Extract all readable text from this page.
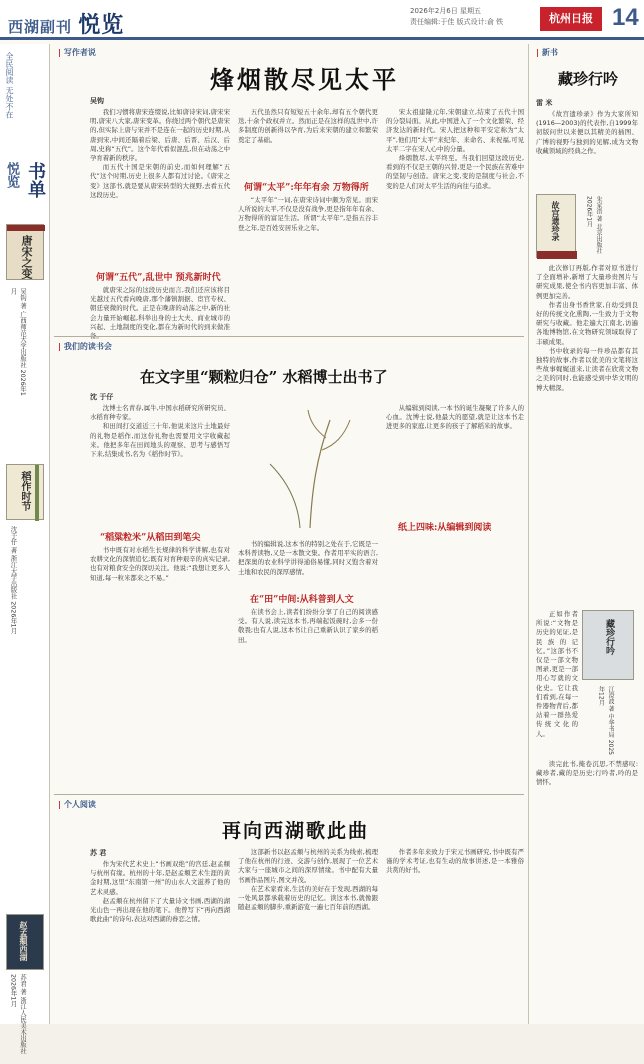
西湖副刊 悦览
2026年2月6日 星期五
责任编辑:于佳 版式设计:俞 铁	杭州日报 14
全民阅读 无处不在
悦览 书单
唐宋之变
吴钩 著 广西师范大学出版社 2026年1月
稻作时节
沈于仔 著 浙江大学出版社 2026年1月
赵孟頫西湖
苏君 著 浙江人民美术出版社 2026年1月
| 写作者说
烽烟散尽见太平
吴钩

我们习惯将唐宋连缀说,比如唐诗宋词,唐宋宋明,唐宋八大家,唐宋变革。你绕过两个朝代是唐宋的,但实际上唐与宋并不是连在一起的历史时期,从唐到宋,中间还隔着后梁、后唐、后晋、后汉、后周,史称“五代”。这个年代看似混乱,但在动荡之中孕育着新的秩序。

而五代十国是宋朝的前史,而如何理解“五代”这个时期,历史上很多人都有过讨论。《唐宋之变》这部书,就是要从唐宋转型的大视野,去看五代这段历史。

何谓“五代”,乱世中 预兆新时代

就唐宋之际的这段历史而言,我们还应该将目光越过五代看向晚唐,那个藩镇割据、宦官专权、朝廷衰微的时代。正是在晚唐的动荡之中,新的社会力量开始崛起,科举出身的士大夫、商业城市的兴起、土地制度的变化,都在为新时代的到来做准

五代虽然只有短短五十余年,却有五个朝代更迭,十余个政权并立。然而正是在这样的乱世中,许多制度的创新得以孕育,为后来宋朝的建立和繁荣奠定了基础。

何谓“太平”:年年有余 万物得所

“太平年”一词,在唐宋诗词中颇为常见。而宋人所说的太平,不仅是没有战争,更是指年年有余、万物得所的富足生活。所谓“太平年”,是指五谷丰登之年,是百姓安居乐业之年。

宋太祖建隆元年,宋朝建立,结束了五代十国的分裂局面。从此,中国进入了一个文化繁荣、经济发达的新时代。宋人把这种和平安定称为“太平”,他们用“太平”来纪年、来命名、来祝福,可见太平二字在宋人心中的分量。

烽烟散尽,太平终至。当我们回望这段历史,看到的不仅是王朝的兴替,更是一个民族在苦难中的坚韧与创造。唐宋之变,变的是制度与社会,不变的是人们对太平生活的向往与追求。

| 我们的读书会
在文字里“颗粒归仓” 水稻博士出书了
沈 于仔

沈博士名青春,属牛,中国水稻研究所研究员、水稻育种专家。

和田间打交道近三十年,他说来这片土地最好的礼物是稻作,而这份礼物也需要用文字收藏起来。他把多年在田间地头的观察、思考与感悟写下来,结集成书,名为《稻作时节》。

“稻粱粒米”从稻田到笔尖

书中既有对水稻生长规律的科学讲解,也有对农耕文化的深情追忆;既有对育种艰辛的真实记录,也有对粮食安全的深切关注。他说:“我想让更多人知道,每一粒米都来之不易。”

书的编辑说,这本书的特别之处在于,它既是一本科普读物,又是一本散文集。作者用平实的语言,把深奥的农业科学讲得通俗易懂,同时又饱含着对土地和农民的深厚感情。

在“田”中间:从科普到人文

在读书会上,读者们纷纷分享了自己的阅读感受。有人说,读完这本书,再端起饭碗时,会多一份敬畏;也有人说,这本书让自己重新认识了家乡的稻田。

从编辑到阅读,一本书的诞生凝聚了许多人的心血。沈博士说,他最大的愿望,就是让这本书走进更多的家庭,让更多的孩子了解稻米的故事。

纸上四味:从编辑到阅读
| 个人阅读
再向西湖歌此曲
苏 君

作为宋代艺术史上“书画双绝”的宫廷,赵孟頫与杭州有缘。杭州的十年,是赵孟頫艺术生涯的黄金时期,这里“东南第一州”的山水人文滋养了他的艺术灵感。

赵孟頫在杭州留下了大量诗文书画,西湖的湖光山色一再出现在他的笔下。他曾写下“再向西湖歌此曲”的诗句,表达对西湖的眷恋之情。

这部新书以赵孟頫与杭州的关系为线索,梳理了他在杭州的行迹、交游与创作,展现了一位艺术大家与一座城市之间的深厚情缘。书中配有大量书画作品图片,图文并茂。

在艺术家看来,生活的美好在于发现,西湖的每一处风景都承载着历史的记忆。读这本书,就像跟随赵孟頫的脚步,重新游览一遍七百年前的西湖。

作者多年来致力于宋元书画研究,书中既有严谨的学术考证,也有生动的故事讲述,是一本雅俗共赏的好书。

| 新书
藏珍行吟
雷 米

《故宫遗珍录》作为大家所知(1916—2003)的代表作,自1999年初版问世以来便以其精美的插图、广博的视野与独到的见解,成为文物收藏领域的经典之作。

故宫遗珍录	朱家溍 著 北京出版社 2026年1月

此次修订再版,作者对原书进行了全面增补,新增了大量珍贵图片与研究成果,使全书内容更加丰富、体例更加完善。

作者出身书香世家,自幼受到良好的传统文化熏陶,一生致力于文物研究与收藏。他走遍大江南北,访遍各地博物馆,在文物研究领域取得了丰硕成果。

书中收录的每一件珍品都有其独特的故事,作者以优美的文笔将这些故事娓娓道来,让读者在欣赏文物之美的同时,也能感受到中华文明的博大精深。

藏珍行吟
江澄波 著 中华书局 2025年12月

正如作者所说:“文物是历史的见证,是民族的记忆。”这部书不仅是一部文物图录,更是一部用心写就的文化史。它让我们看到,在每一件器物背后,都站着一群热爱传统文化的人。

读完此书,掩卷沉思,不禁感叹:藏珍者,藏的是历史;行吟者,吟的是情怀。
